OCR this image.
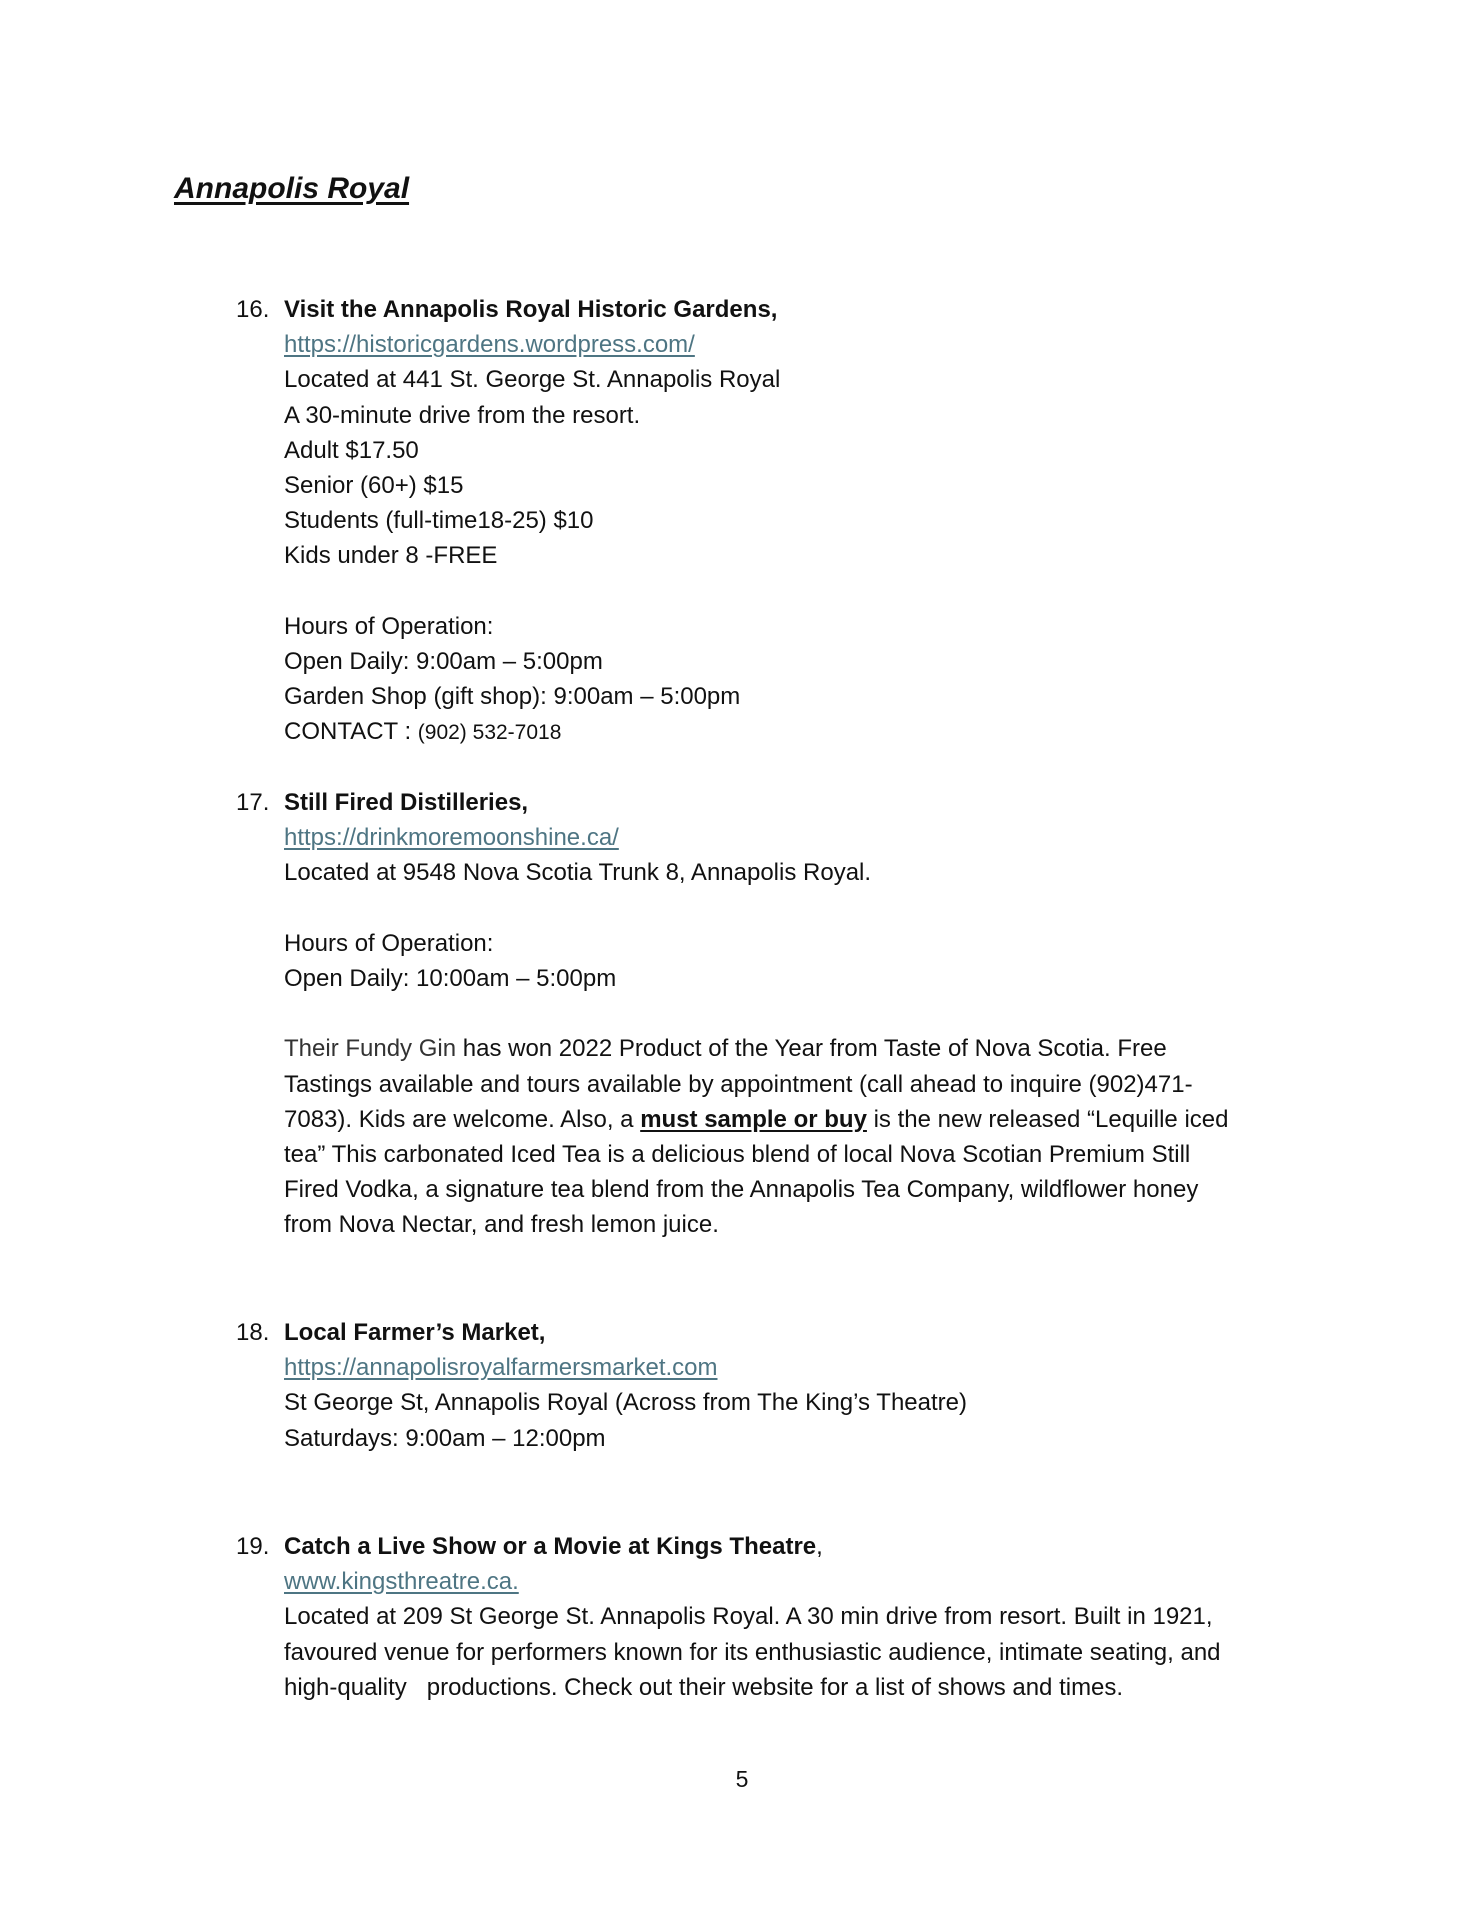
Annapolis Royal
16. Visit the Annapolis Royal Historic Gardens,
https://historicgardens.wordpress.com/
Located at 441 St. George St. Annapolis Royal
A 30-minute drive from the resort.
Adult $17.50
Senior (60+) $15
Students (full-time18-25) $10
Kids under 8 -FREE
Hours of Operation:
Open Daily: 9:00am – 5:00pm
Garden Shop (gift shop): 9:00am – 5:00pm
CONTACT : (902) 532-7018
17. Still Fired Distilleries,
https://drinkmoremoonshine.ca/
Located at 9548 Nova Scotia Trunk 8, Annapolis Royal.
Hours of Operation:
Open Daily: 10:00am – 5:00pm
Their Fundy Gin has won 2022 Product of the Year from Taste of Nova Scotia. Free
Tastings available and tours available by appointment (call ahead to inquire (902)471-
7083). Kids are welcome. Also, a must sample or buy is the new released “Lequille iced
tea” This carbonated Iced Tea is a delicious blend of local Nova Scotian Premium Still
Fired Vodka, a signature tea blend from the Annapolis Tea Company, wildflower honey
from Nova Nectar, and fresh lemon juice.
18. Local Farmer’s Market,
https://annapolisroyalfarmersmarket.com
St George St, Annapolis Royal (Across from The King’s Theatre)
Saturdays: 9:00am – 12:00pm
19. Catch a Live Show or a Movie at Kings Theatre,
www.kingsthreatre.ca.
Located at 209 St George St. Annapolis Royal. A 30 min drive from resort. Built in 1921,
favoured venue for performers known for its enthusiastic audience, intimate seating, and
high-quality   productions. Check out their website for a list of shows and times.
5
